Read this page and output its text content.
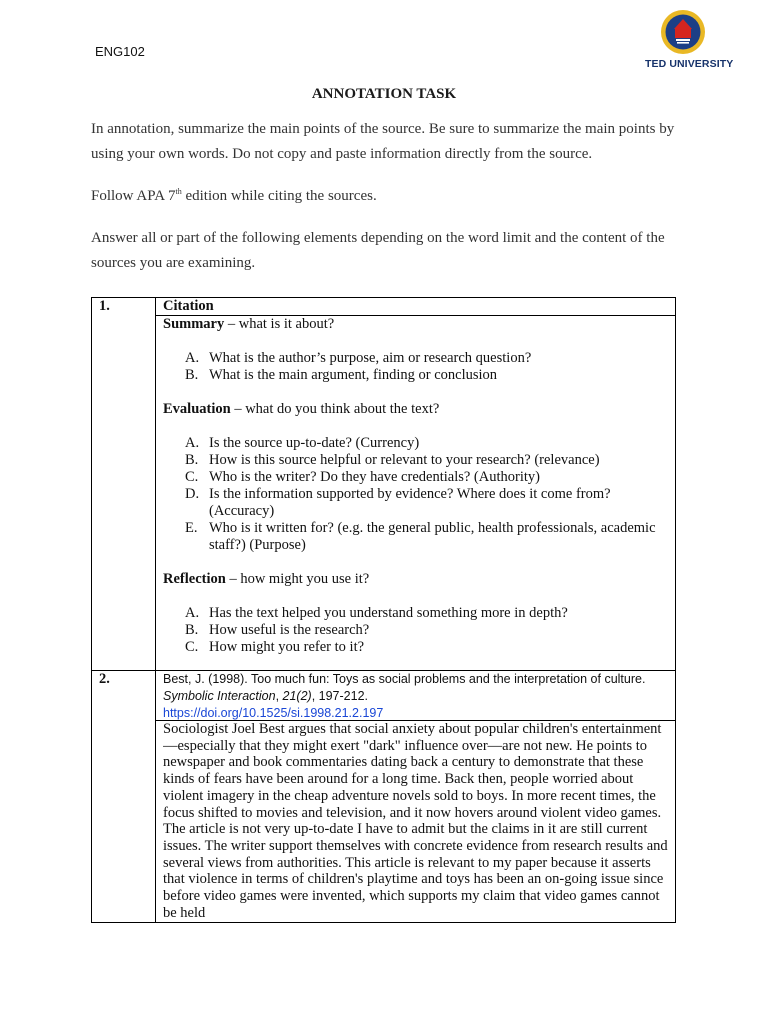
ENG102
TED UNIVERSITY
ANNOTATION TASK
In annotation, summarize the main points of the source. Be sure to summarize the main points by using your own words. Do not copy and paste information directly from the source.
Follow APA 7th edition while citing the sources.
Answer all or part of the following elements depending on the word limit and the content of the sources you are examining.
1.	Citation
Summary – what is it about?
A. What is the author’s purpose, aim or research question?
B. What is the main argument, finding or conclusion
Evaluation – what do you think about the text?
A. Is the source up-to-date? (Currency)
B. How is this source helpful or relevant to your research? (relevance)
C. Who is the writer? Do they have credentials? (Authority)
D. Is the information supported by evidence? Where does it come from? (Accuracy)
E. Who is it written for? (e.g. the general public, health professionals, academic staff?) (Purpose)
Reflection – how might you use it?
A. Has the text helped you understand something more in depth?
B. How useful is the research?
C. How might you refer to it?
2.	Best, J. (1998). Too much fun: Toys as social problems and the interpretation of culture. Symbolic Interaction, 21(2), 197-212.
https://doi.org/10.1525/si.1998.21.2.197
Sociologist Joel Best argues that social anxiety about popular children's entertainment—especially that they might exert "dark" influence over—are not new. He points to newspaper and book commentaries dating back a century to demonstrate that these kinds of fears have been around for a long time. Back then, people worried about violent imagery in the cheap adventure novels sold to boys. In more recent times, the focus shifted to movies and television, and it now hovers around violent video games. The article is not very up-to-date I have to admit but the claims in it are still current issues. The writer support themselves with concrete evidence from research results and several views from authorities. This article is relevant to my paper because it asserts that violence in terms of children's playtime and toys has been an on-going issue since before video games were invented, which supports my claim that video games cannot be held
